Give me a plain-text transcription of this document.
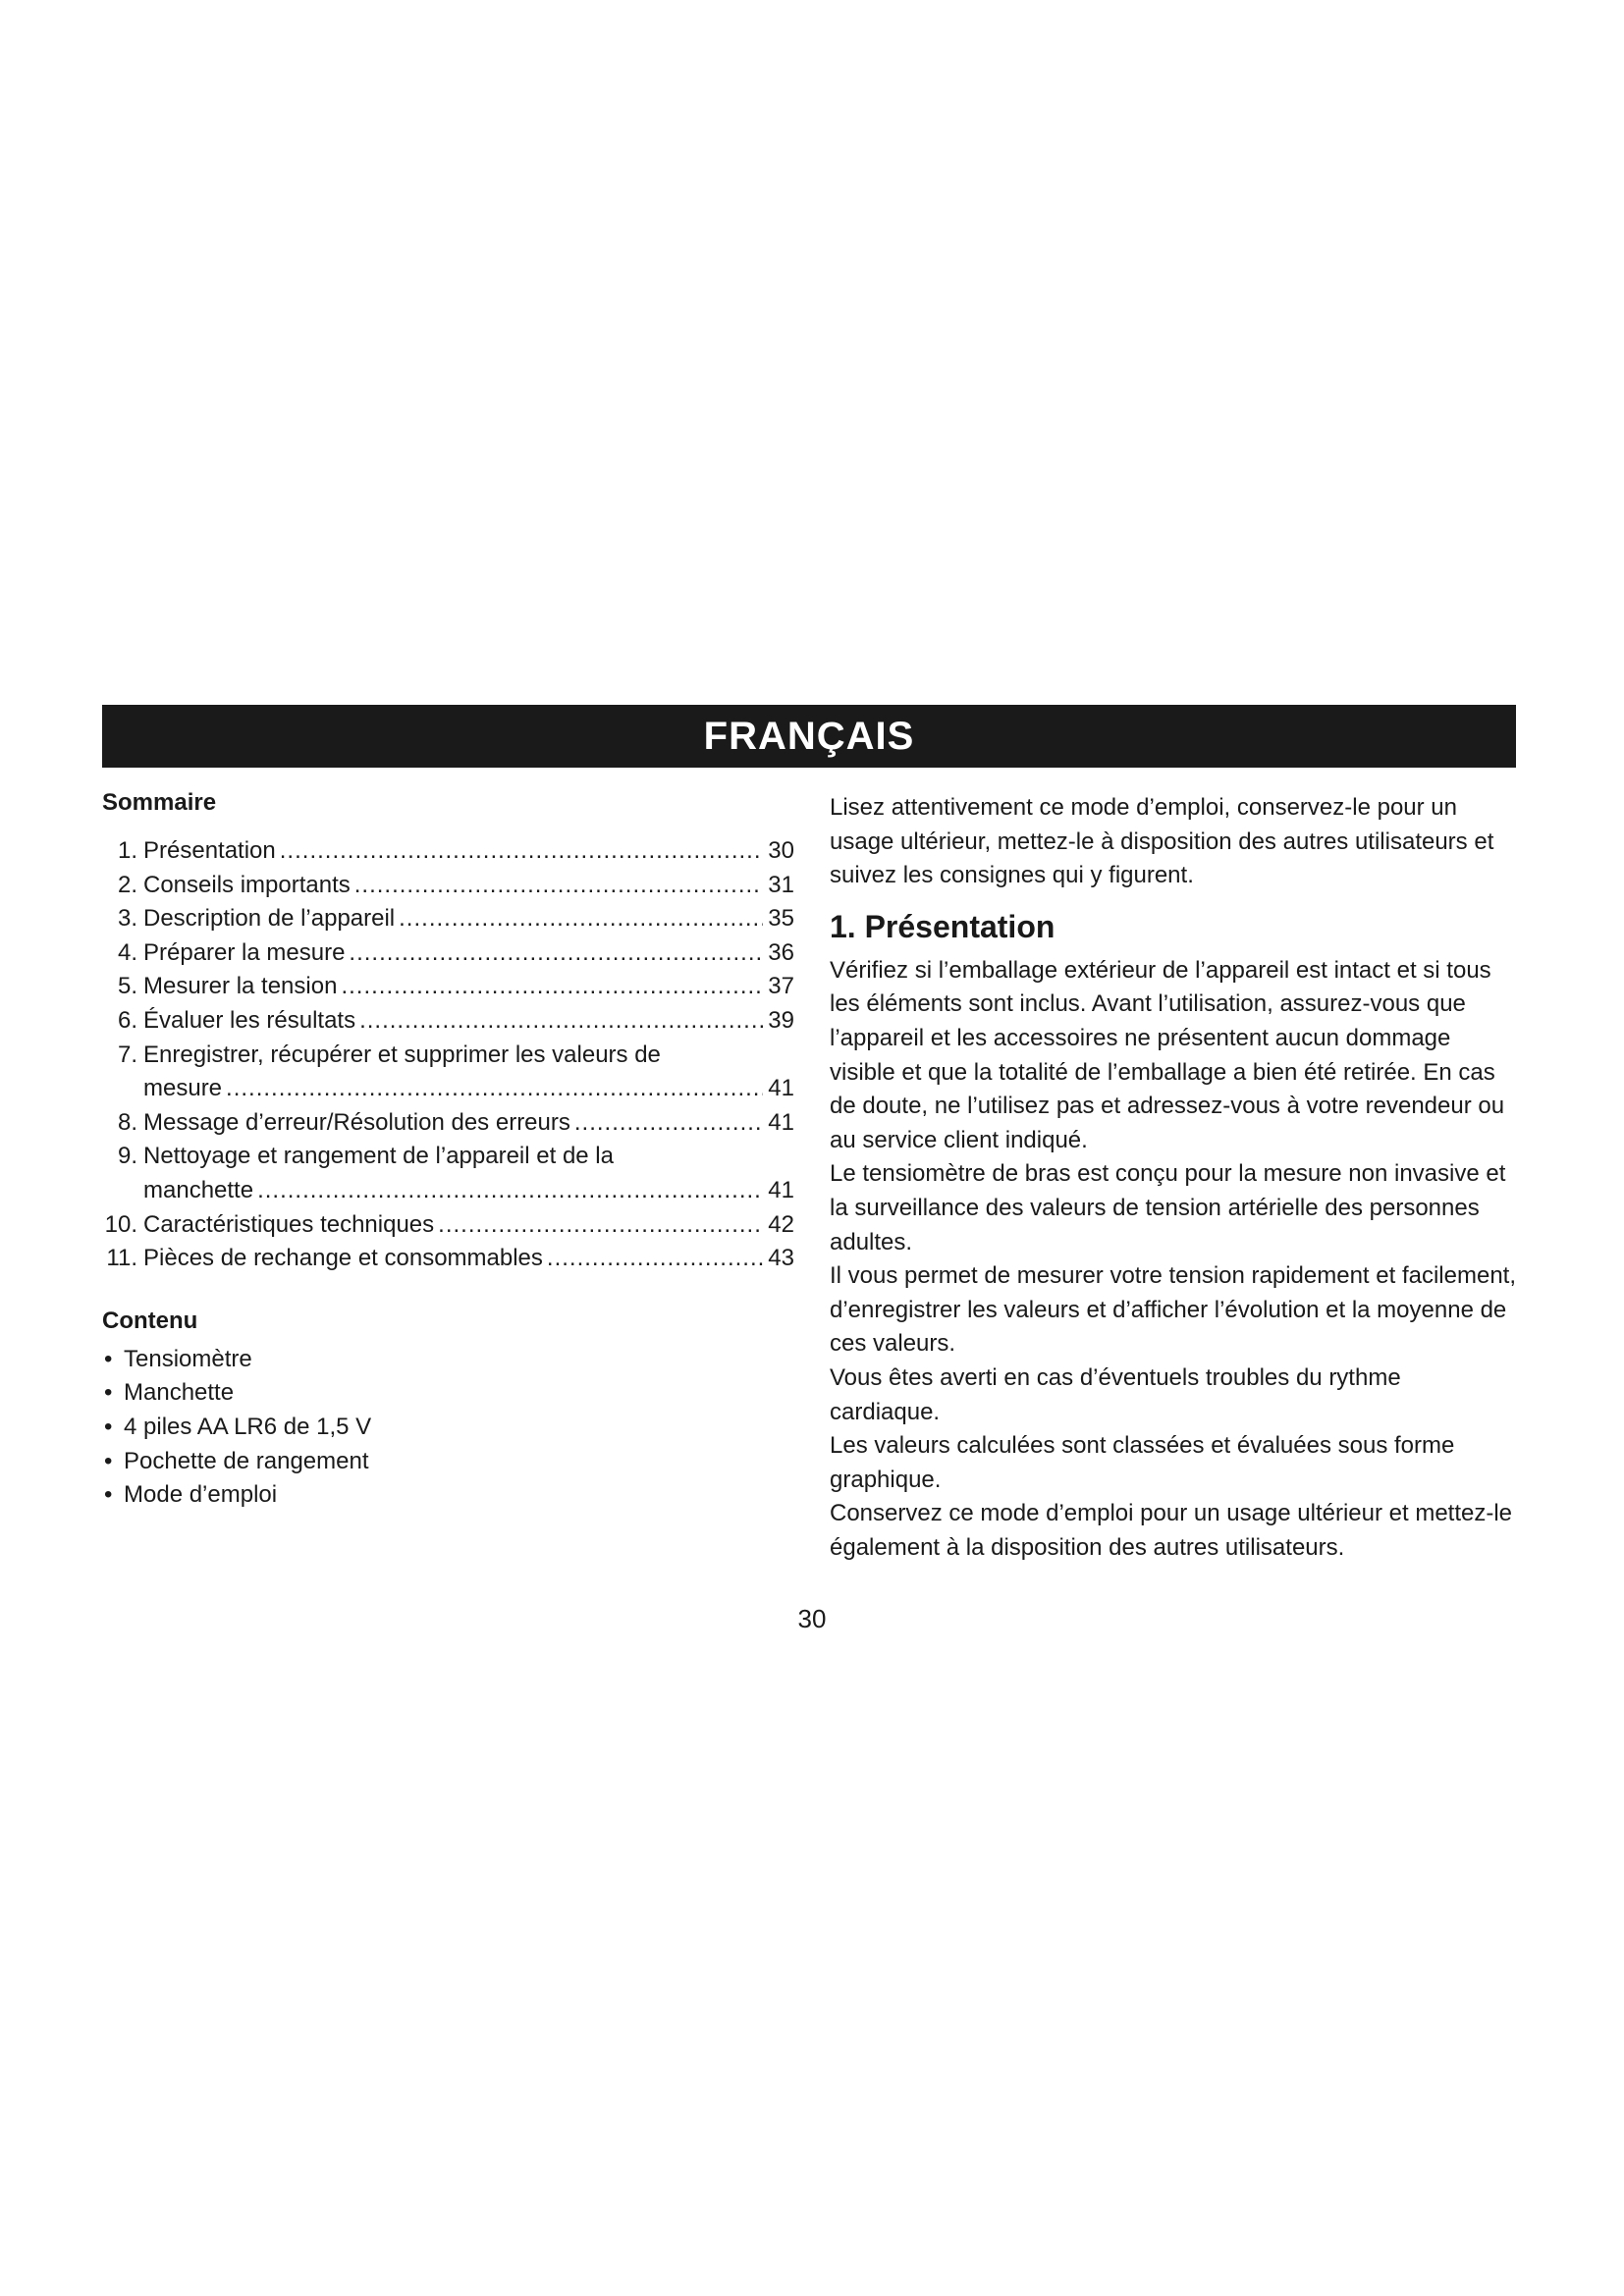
FRANÇAIS
Sommaire
1. Présentation .....	30
2. Conseils importants .....	31
3. Description de l’appareil .....	35
4. Préparer la mesure .....	36
5. Mesurer la tension .....	37
6. Évaluer les résultats .....	39
7. Enregistrer, récupérer et supprimer les valeurs de
mesure .....	41
8. Message d’erreur/Résolution des erreurs .....	41
9. Nettoyage et rangement de l’appareil et de la
manchette .....	41
10. Caractéristiques techniques .....	42
11. Pièces de rechange et consommables .....	43
Contenu
• Tensiomètre
• Manchette
• 4 piles AA LR6 de 1,5 V
• Pochette de rangement
• Mode d’emploi

Lisez attentivement ce mode d’emploi, conservez-le pour un usage ultérieur, mettez-le à disposition des autres utilisateurs et suivez les consignes qui y figurent.

1. Présentation

Vérifiez si l’emballage extérieur de l’appareil est intact et si tous les éléments sont inclus. Avant l’utilisation, assurez-vous que l’appareil et les accessoires ne présentent aucun dommage visible et que la totalité de l’emballage a bien été retirée. En cas de doute, ne l’utilisez pas et adressez-vous à votre revendeur ou au service client indiqué.

Le tensiomètre de bras est conçu pour la mesure non invasive et la surveillance des valeurs de tension artérielle des personnes adultes.

Il vous permet de mesurer votre tension rapidement et facilement, d’enregistrer les valeurs et d’afficher l’évolution et la moyenne de ces valeurs.

Vous êtes averti en cas d’éventuels troubles du rythme cardiaque.

Les valeurs calculées sont classées et évaluées sous forme graphique.

Conservez ce mode d’emploi pour un usage ultérieur et mettez-le également à la disposition des autres utilisateurs.

30
